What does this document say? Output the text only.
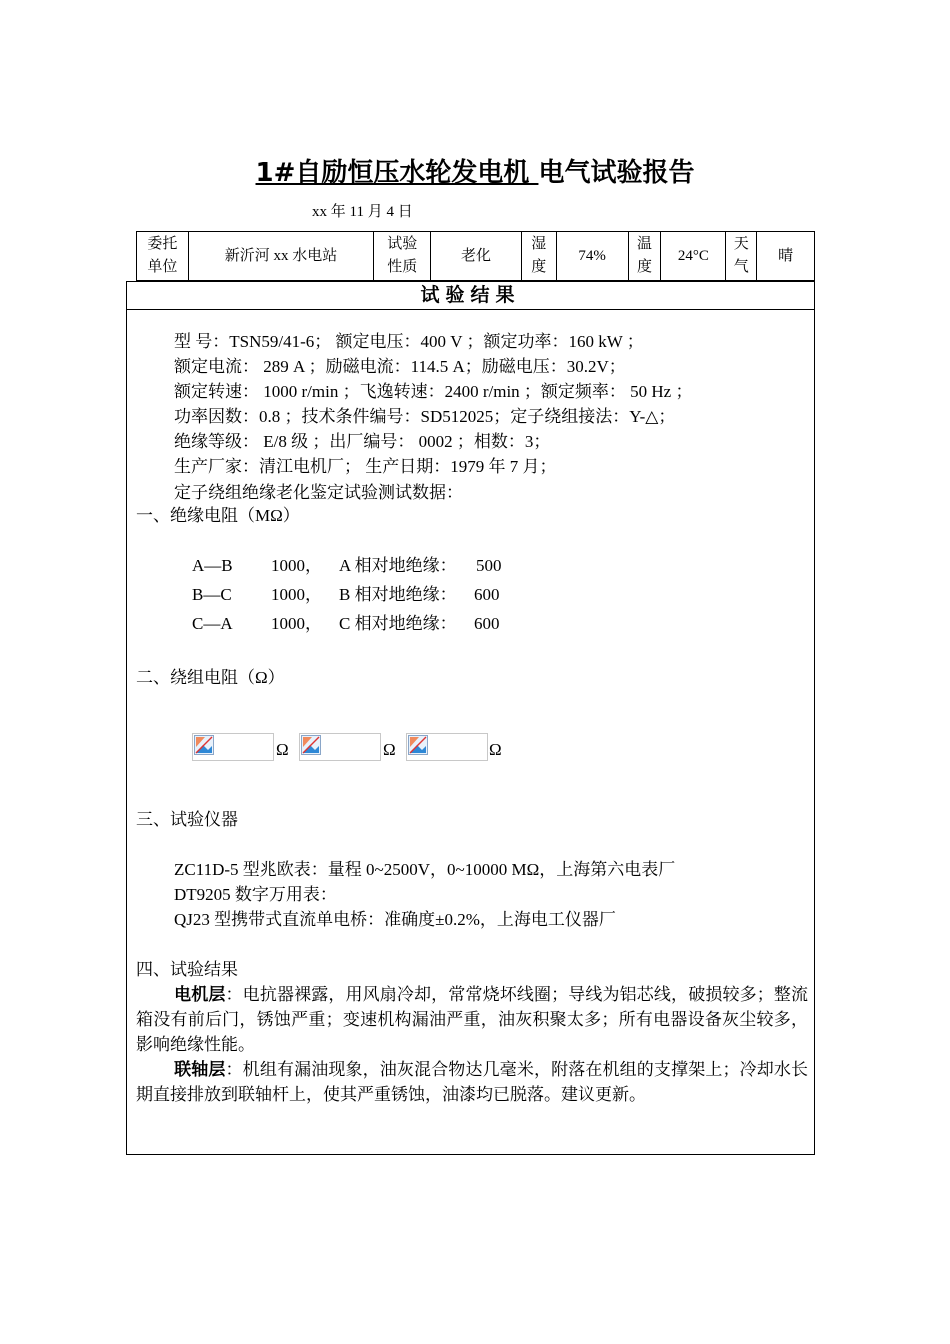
1#自励恒压水轮发电机 电气试验报告
xx 年 11 月 4 日
委托单位
新沂河 xx 水电站
试验性质
老化
湿度
74%
温度
24°C
天气
晴
试验结果
型 号：TSN59/41-6； 额定电压：400 V ；额定功率：160 kW ；
额定电流： 289 A ；励磁电流：114.5 A；励磁电压：30.2V；
额定转速： 1000 r/min ；飞逸转速：2400 r/min ；额定频率： 50 Hz ；
功率因数：0.8 ；技术条件编号：SD512025；定子绕组接法：Y-△；
绝缘等级： E/8 级 ；出厂编号： 0002 ；相数：3；
生产厂家：清江电机厂； 生产日期：1979 年 7 月；
定子绕组绝缘老化鉴定试验测试数据：
一、绝缘电阻（MΩ）
A—B 1000， A 相对地绝缘： 500
B—C 1000， B 相对地绝缘： 600
C—A 1000， C 相对地绝缘： 600
二、绕组电阻（Ω）
Ω	Ω	Ω
三、试验仪器
ZC11D-5 型兆欧表：量程 0~2500V，0~10000 MΩ，上海第六电表厂
DT9205 数字万用表：
QJ23 型携带式直流单电桥：准确度±0.2%，上海电工仪器厂
四、试验结果
电机层：电抗器裸露，用风扇冷却，常常烧坏线圈；导线为铝芯线，破损较多；整流箱没有前后门，锈蚀严重；变速机构漏油严重，油灰积聚太多；所有电器设备灰尘较多，影响绝缘性能。
联轴层：机组有漏油现象，油灰混合物达几毫米，附落在机组的支撑架上；冷却水长期直接排放到联轴杆上，使其严重锈蚀，油漆均已脱落。建议更新。
